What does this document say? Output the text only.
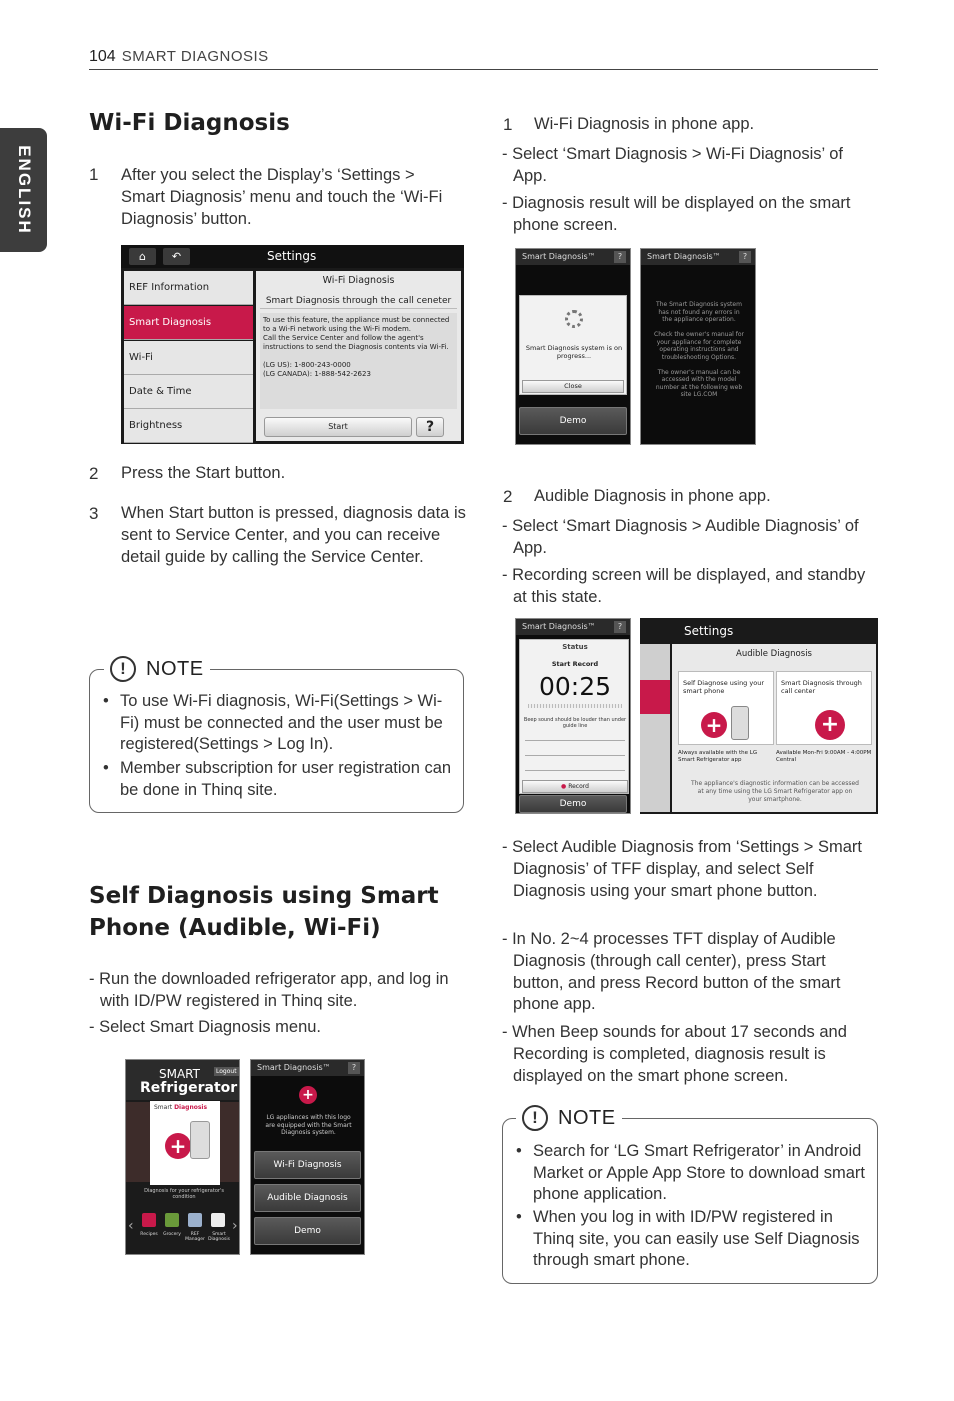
104 SMART DIAGNOSIS
ENGLISH
Wi-Fi Diagnosis
1 After you select the Display’s ‘Settings > Smart Diagnosis’ menu and touch the ‘Wi-Fi Diagnosis’ button.
⌂	↶	Settings
REF Information
Smart Diagnosis
Wi-Fi
Date & Time
Brightness
Wi-Fi Diagnosis
Smart Diagnosis through the call ceneter
To use this feature, the appliance must be connected to a Wi-Fi network using the Wi-Fi modem.
Call the Service Center and follow the agent's instructions to send the Diagnosis contents via Wi-Fi.

(LG US): 1-800-243-0000
(LG CANADA): 1-888-542-2623
Start	?
2 Press the Start button.
3 When Start button is pressed, diagnosis data is sent to Service Center, and you can receive detail guide by calling the Service Center.
!	NOTE
• To use Wi-Fi diagnosis, Wi-Fi(Settings > Wi-Fi) must be connected and the user must be registered(Settings > Log In).
• Member subscription for user registration can be done in Thinq site.
Self Diagnosis using Smart
Phone (Audible, Wi-Fi)
- Run the downloaded refrigerator app, and log in with ID/PW registered in Thinq site.
- Select Smart Diagnosis menu.
SMART
Refrigerator
Logout
Smart Diagnosis
+
Diagnosis for your refrigerator's condition
‹	›
Recipes	Grocery	REF Manager
Smart Diagnosis
Smart Diagnosis™	?
+
LG appliances with this logo are equipped with the Smart Diagnosis system.
Wi-Fi Diagnosis
Audible Diagnosis
Demo
1 Wi-Fi Diagnosis in phone app.
- Select ‘Smart Diagnosis > Wi-Fi Diagnosis’ of App.
- Diagnosis result will be displayed on the smart phone screen.
Smart Diagnosis™	?
Smart Diagnosis system is on progress...
Close
Demo
Smart Diagnosis™	?
The Smart Diagnosis system has not found any errors in the appliance operation.

Check the owner's manual for your appliance for complete operating instructions and troubleshooting Options.

The owner's manual can be accessed with the model number at the following web site LG.COM
2 Audible Diagnosis in phone app.
- Select ‘Smart Diagnosis > Audible Diagnosis’ of App.
- Recording screen will be displayed, and standby at this state.
Smart Diagnosis™	?
Status
Start Record
00:25
Beep sound should be louder than under guide line
● Record
Demo
Settings
Audible Diagnosis
Self Diagnose using your smart phone
+
Always available with the LG Smart Refrigerator app
Smart Diagnosis through call center
+
Available Mon-Fri 9:00AM - 4:00PM Central
The appliance's diagnostic information can be accessed at any time using the LG Smart Refrigerator app on your smartphone.
- Select Audible Diagnosis from ‘Settings > Smart Diagnosis’ of TFF display, and select Self Diagnosis using your smart phone button.
- In No. 2~4 processes TFT display of Audible Diagnosis (through call center), press Start button, and press Record button of the smart phone app.
- When Beep sounds for about 17 seconds and Recording is completed, diagnosis result is displayed on the smart phone screen.
!	NOTE
• Search for ‘LG Smart Refrigerator’ in Android Market or Apple App Store to download smart phone application.
• When you log in with ID/PW registered in Thinq site, you can easily use Self Diagnosis through smart phone.
